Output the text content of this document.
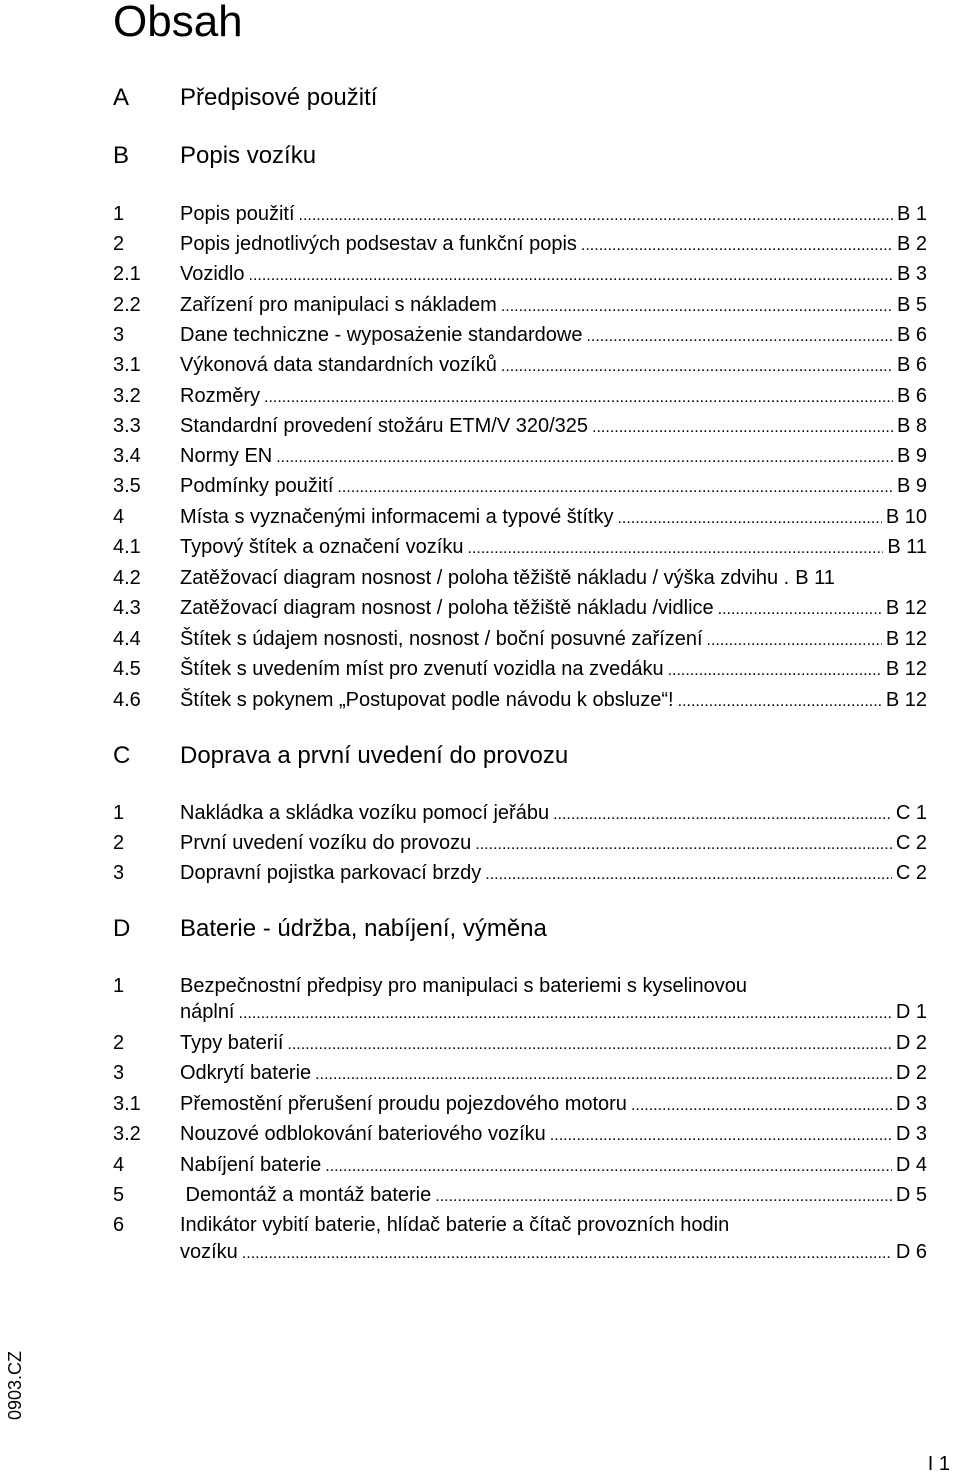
Obsah
A Předpisové použití
B Popis vozíku
1	Popis použití .....	B 1
2	Popis jednotlivých podsestav a funkční popis .....	B 2
2.1 Vozidlo .....	B 3
2.2 Zařízení pro manipulaci s nákladem .....	B 5
3	Dane techniczne - wyposażenie standardowe .....	B 6
3.1 Výkonová data standardních vozíků .....	B 6
3.2 Rozměry .....	B 6
3.3 Standardní provedení stožáru ETM/V 320/325 .....	B 8
3.4 Normy EN .....	B 9
3.5 Podmínky použití .....	B 9
4	Místa s vyznačenými informacemi a typové štítky .....	B 10
4.1 Typový štítek a označení vozíku .....	B 11
4.2 Zatěžovací diagram nosnost / poloha těžiště nákladu / výška zdvihu . B 11
4.3 Zatěžovací diagram nosnost / poloha těžiště nákladu /vidlice .....	B 12
4.4 Štítek s údajem nosnosti, nosnost / boční posuvné zařízení .....	B 12
4.5 Štítek s uvedením míst pro zvenutí vozidla na zvedáku .....	B 12
4.6 Štítek s pokynem „Postupovat podle návodu k obsluze“! .....	B 12
C Doprava a první uvedení do provozu
1	Nakládka a skládka vozíku pomocí jeřábu .....	C 1
2	První uvedení vozíku do provozu .....	C 2
3	Dopravní pojistka parkovací brzdy .....	C 2
D Baterie - údržba, nabíjení, výměna
1	Bezpečnostní předpisy pro manipulaci s bateriemi s kyselinovou
náplní .....	D 1
2	Typy baterií .....	D 2
3	Odkrytí baterie .....	D 2
3.1 Přemostění přerušení proudu pojezdového motoru .....	D 3
3.2 Nouzové odblokování bateriového vozíku .....	D 3
4	Nabíjení baterie .....	D 4
5	Demontáž a montáž baterie .....	D 5
6	Indikátor vybití baterie, hlídač baterie a čítač provozních hodin
vozíku .....	D 6
0903.CZ
I 1
